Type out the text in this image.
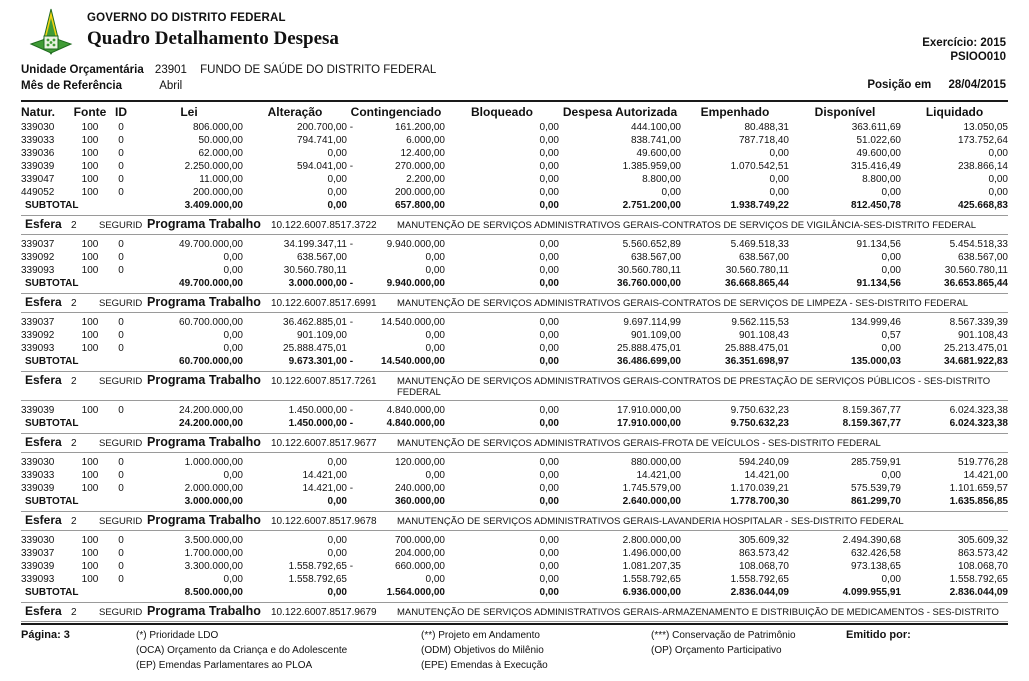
GOVERNO DO DISTRITO FEDERAL
Quadro Detalhamento Despesa	Exercício: 2015
PSIOO010
Unidade Orçamentária 23901 FUNDO DE SAÚDE DO DISTRITO FEDERAL
Mês de Referência	Abril	Posição em 28/04/2015
Natur.	Fonte	ID	Lei	Alteração	Contingenciado	Bloqueado	Despesa Autorizada	Empenhado	Disponível	Liquidado
339030	100	0	806.000,00	200.700,00 -	161.200,00	0,00	444.100,00	80.488,31	363.611,69	13.050,05
339033	100	0	50.000,00	794.741,00	6.000,00	0,00	838.741,00	787.718,40	51.022,60	173.752,64
339036	100	0	62.000,00	0,00	12.400,00	0,00	49.600,00	0,00	49.600,00	0,00
339039	100	0	2.250.000,00	594.041,00 -	270.000,00	0,00	1.385.959,00	1.070.542,51	315.416,49	238.866,14
339047	100	0	11.000,00	0,00	2.200,00	0,00	8.800,00	0,00	8.800,00	0,00
449052	100	0	200.000,00	0,00	200.000,00	0,00	0,00	0,00	0,00	0,00
SUBTOTAL			3.409.000,00	0,00	657.800,00	0,00	2.751.200,00	1.938.749,22	812.450,78	425.668,83

Esfera 2	SEGURID Programa Trabalho	10.122.6007.8517.3722	MANUTENÇÃO DE SERVIÇOS ADMINISTRATIVOS GERAIS-CONTRATOS DE SERVIÇOS DE VIGILÂNCIA-SES-DISTRITO FEDERAL

339037	100	0	49.700.000,00	34.199.347,11 -	9.940.000,00	0,00	5.560.652,89	5.469.518,33	91.134,56	5.454.518,33
339092	100	0	0,00	638.567,00	0,00	0,00	638.567,00	638.567,00	0,00	638.567,00
339093	100	0	0,00	30.560.780,11	0,00	0,00	30.560.780,11	30.560.780,11	0,00	30.560.780,11
SUBTOTAL			49.700.000,00	3.000.000,00 -	9.940.000,00	0,00	36.760.000,00	36.668.865,44	91.134,56	36.653.865,44

Esfera 2	SEGURID Programa Trabalho	10.122.6007.8517.6991	MANUTENÇÃO DE SERVIÇOS ADMINISTRATIVOS GERAIS-CONTRATOS DE SERVIÇOS DE LIMPEZA - SES-DISTRITO FEDERAL

339037	100	0	60.700.000,00	36.462.885,01 -	14.540.000,00	0,00	9.697.114,99	9.562.115,53	134.999,46	8.567.339,39
339092	100	0	0,00	901.109,00	0,00	0,00	901.109,00	901.108,43	0,57	901.108,43
339093	100	0	0,00	25.888.475,01	0,00	0,00	25.888.475,01	25.888.475,01	0,00	25.213.475,01
SUBTOTAL			60.700.000,00	9.673.301,00 -	14.540.000,00	0,00	36.486.699,00	36.351.698,97	135.000,03	34.681.922,83

Esfera 2	SEGURID Programa Trabalho	10.122.6007.8517.7261	MANUTENÇÃO DE SERVIÇOS ADMINISTRATIVOS GERAIS-CONTRATOS DE PRESTAÇÃO DE SERVIÇOS PÚBLICOS - SES-DISTRITO FEDERAL

339039	100	0	24.200.000,00	1.450.000,00 -	4.840.000,00	0,00	17.910.000,00	9.750.632,23	8.159.367,77	6.024.323,38
SUBTOTAL			24.200.000,00	1.450.000,00 -	4.840.000,00	0,00	17.910.000,00	9.750.632,23	8.159.367,77	6.024.323,38

Esfera 2	SEGURID Programa Trabalho	10.122.6007.8517.9677	MANUTENÇÃO DE SERVIÇOS ADMINISTRATIVOS GERAIS-FROTA DE VEÍCULOS - SES-DISTRITO FEDERAL

339030	100	0	1.000.000,00	0,00	120.000,00	0,00	880.000,00	594.240,09	285.759,91	519.776,28
339033	100	0	0,00	14.421,00	0,00	0,00	14.421,00	14.421,00	0,00	14.421,00
339039	100	0	2.000.000,00	14.421,00 -	240.000,00	0,00	1.745.579,00	1.170.039,21	575.539,79	1.101.659,57
SUBTOTAL			3.000.000,00	0,00	360.000,00	0,00	2.640.000,00	1.778.700,30	861.299,70	1.635.856,85

Esfera 2	SEGURID Programa Trabalho	10.122.6007.8517.9678	MANUTENÇÃO DE SERVIÇOS ADMINISTRATIVOS GERAIS-LAVANDERIA HOSPITALAR - SES-DISTRITO FEDERAL

339030	100	0	3.500.000,00	0,00	700.000,00	0,00	2.800.000,00	305.609,32	2.494.390,68	305.609,32
339037	100	0	1.700.000,00	0,00	204.000,00	0,00	1.496.000,00	863.573,42	632.426,58	863.573,42
339039	100	0	3.300.000,00	1.558.792,65 -	660.000,00	0,00	1.081.207,35	108.068,70	973.138,65	108.068,70
339093	100	0	0,00	1.558.792,65	0,00	0,00	1.558.792,65	1.558.792,65	0,00	1.558.792,65
SUBTOTAL			8.500.000,00	0,00	1.564.000,00	0,00	6.936.000,00	2.836.044,09	4.099.955,91	2.836.044,09

Esfera 2	SEGURID Programa Trabalho	10.122.6007.8517.9679	MANUTENÇÃO DE SERVIÇOS ADMINISTRATIVOS GERAIS-ARMAZENAMENTO E DISTRIBUIÇÃO DE MEDICAMENTOS - SES-DISTRITO
Página: 3	(*) Prioridade LDO
(OCA) Orçamento da Criança e do Adolescente
(EP) Emendas Parlamentares ao PLOA
(**) Projeto em Andamento
(ODM) Objetivos do Milênio
(EPE) Emendas à Execução
(***) Conservação de Patrimônio
(OP) Orçamento Participativo
Emitido por:
